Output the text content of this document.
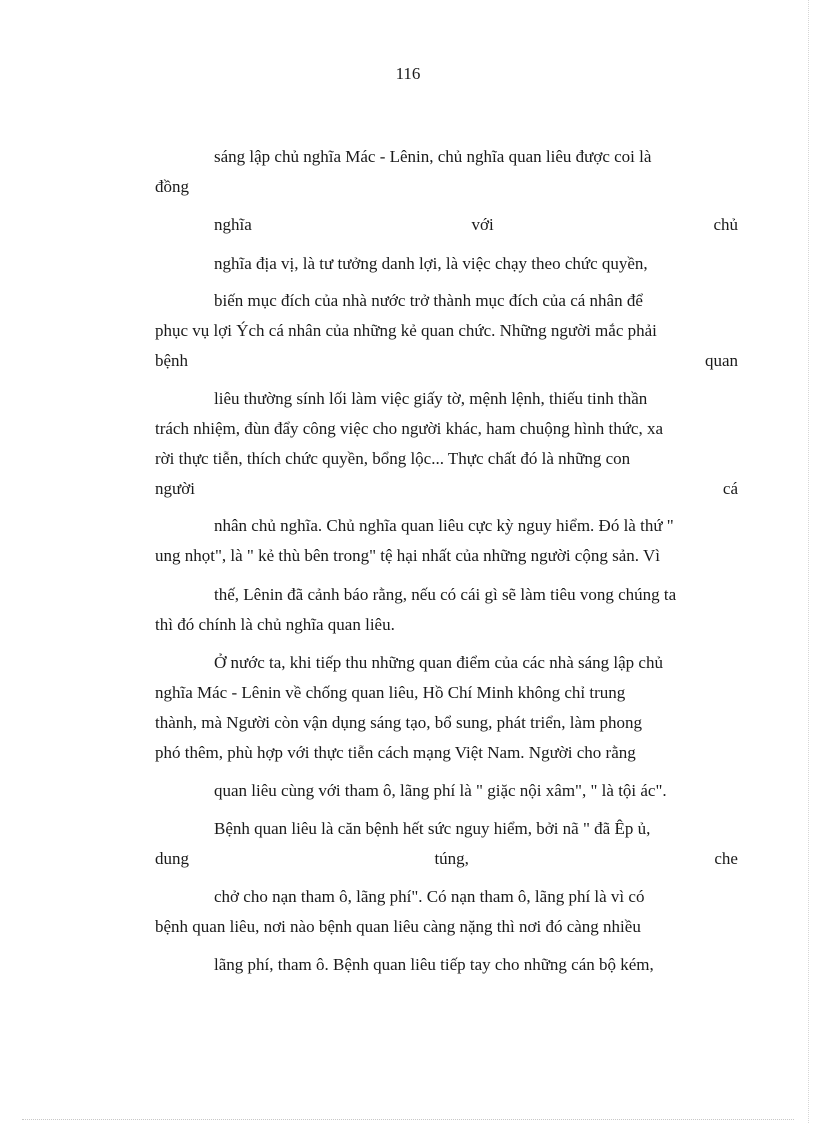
116
sáng lập chủ nghĩa Mác - Lênin, chủ nghĩa quan liêu được coi là
đồng
nghĩa	với	chủ
nghĩa địa vị, là tư tưởng danh lợi, là việc chạy theo chức quyền,
biến mục đích của nhà nước trở thành mục đích của cá nhân để
phục vụ lợi Ých cá nhân của những kẻ quan chức. Những người mắc phải
bệnh	quan
liêu thường sính lối làm việc giấy tờ, mệnh lệnh, thiếu tinh thần
trách nhiệm, đùn đẩy công việc cho người khác, ham chuộng hình thức, xa
rời thực tiễn, thích chức quyền, bổng lộc... Thực chất đó là những con
người	cá
nhân chủ nghĩa. Chủ nghĩa quan liêu cực kỳ nguy hiểm. Đó là thứ "
ung nhọt", là " kẻ thù bên trong" tệ hại nhất của những người cộng sản. Vì
thế, Lênin đã cảnh báo rằng, nếu có cái gì sẽ làm tiêu vong chúng ta
thì đó chính là chủ nghĩa quan liêu.
Ở nước ta, khi tiếp thu những quan điểm của các nhà sáng lập chủ
nghĩa Mác - Lênin về chống quan liêu, Hồ Chí Minh không chỉ trung
thành, mà Người còn vận dụng sáng tạo, bổ sung, phát triển, làm phong
phó thêm, phù hợp với thực tiễn cách mạng Việt Nam. Người cho rằng
quan liêu cùng với tham ô, lãng phí là " giặc nội xâm", " là tội ác".
Bệnh quan liêu là căn bệnh hết sức nguy hiểm, bởi nã " đã Êp ủ,
dung	túng,	che
chở cho nạn tham ô, lãng phí". Có nạn tham ô, lãng phí là vì có
bệnh quan liêu, nơi nào bệnh quan liêu càng nặng thì nơi đó càng nhiều
lãng phí, tham ô. Bệnh quan liêu tiếp tay cho những cán bộ kém,
